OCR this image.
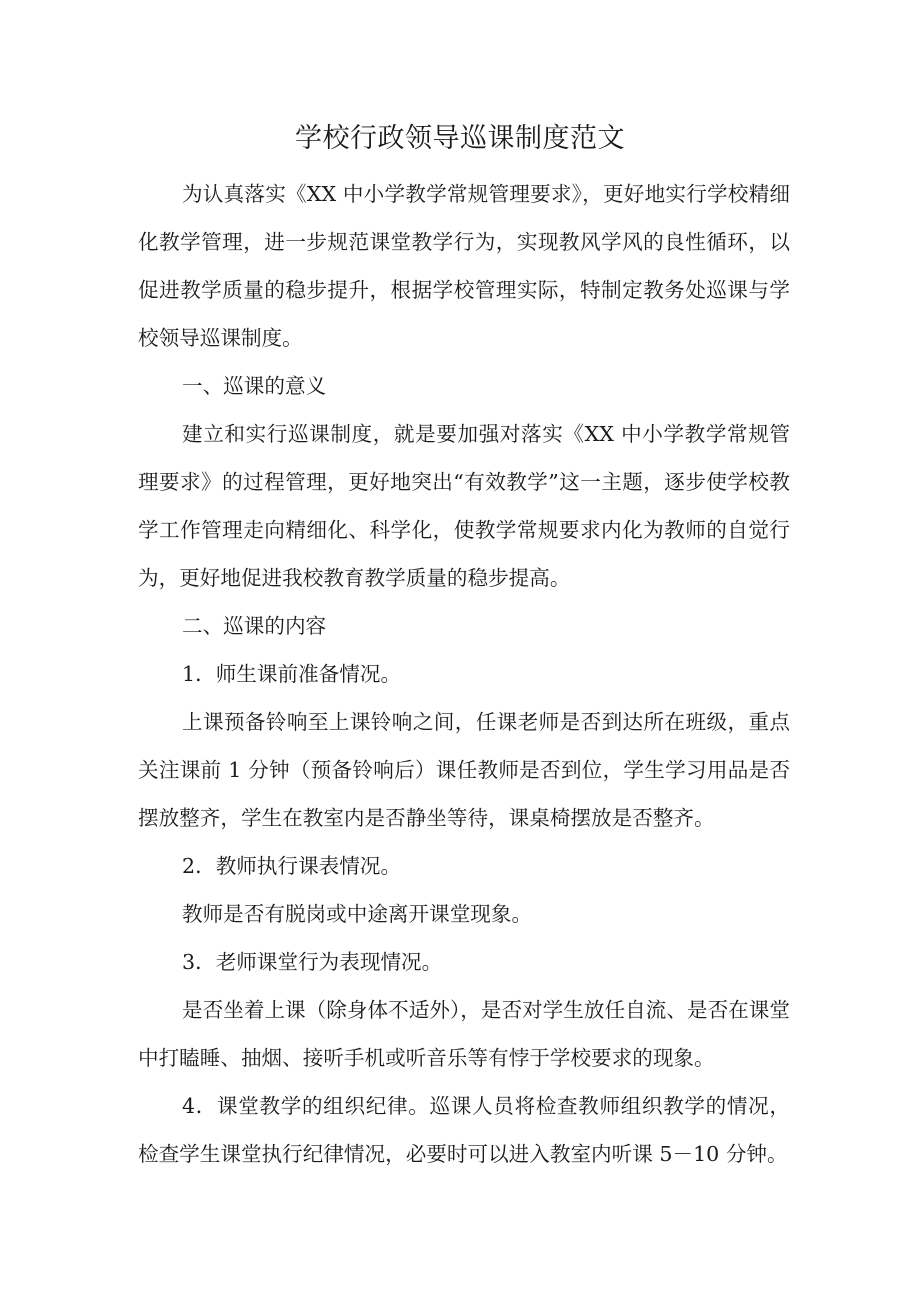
学校行政领导巡课制度范文

为认真落实《XX 中小学教学常规管理要求》，更好地实行学校精细化教学管理，进一步规范课堂教学行为，实现教风学风的良性循环，以促进教学质量的稳步提升，根据学校管理实际，特制定教务处巡课与学校领导巡课制度。

一、巡课的意义

建立和实行巡课制度，就是要加强对落实《XX 中小学教学常规管理要求》的过程管理，更好地突出“有效教学”这一主题，逐步使学校教学工作管理走向精细化、科学化，使教学常规要求内化为教师的自觉行为，更好地促进我校教育教学质量的稳步提高。

二、巡课的内容

1．师生课前准备情况。

上课预备铃响至上课铃响之间，任课老师是否到达所在班级，重点关注课前 1 分钟（预备铃响后）课任教师是否到位，学生学习用品是否摆放整齐，学生在教室内是否静坐等待，课桌椅摆放是否整齐。

2．教师执行课表情况。

教师是否有脱岗或中途离开课堂现象。

3．老师课堂行为表现情况。

是否坐着上课（除身体不适外），是否对学生放任自流、是否在课堂中打瞌睡、抽烟、接听手机或听音乐等有悖于学校要求的现象。

4．课堂教学的组织纪律。巡课人员将检查教师组织教学的情况，检查学生课堂执行纪律情况，必要时可以进入教室内听课 5－10 分钟。
